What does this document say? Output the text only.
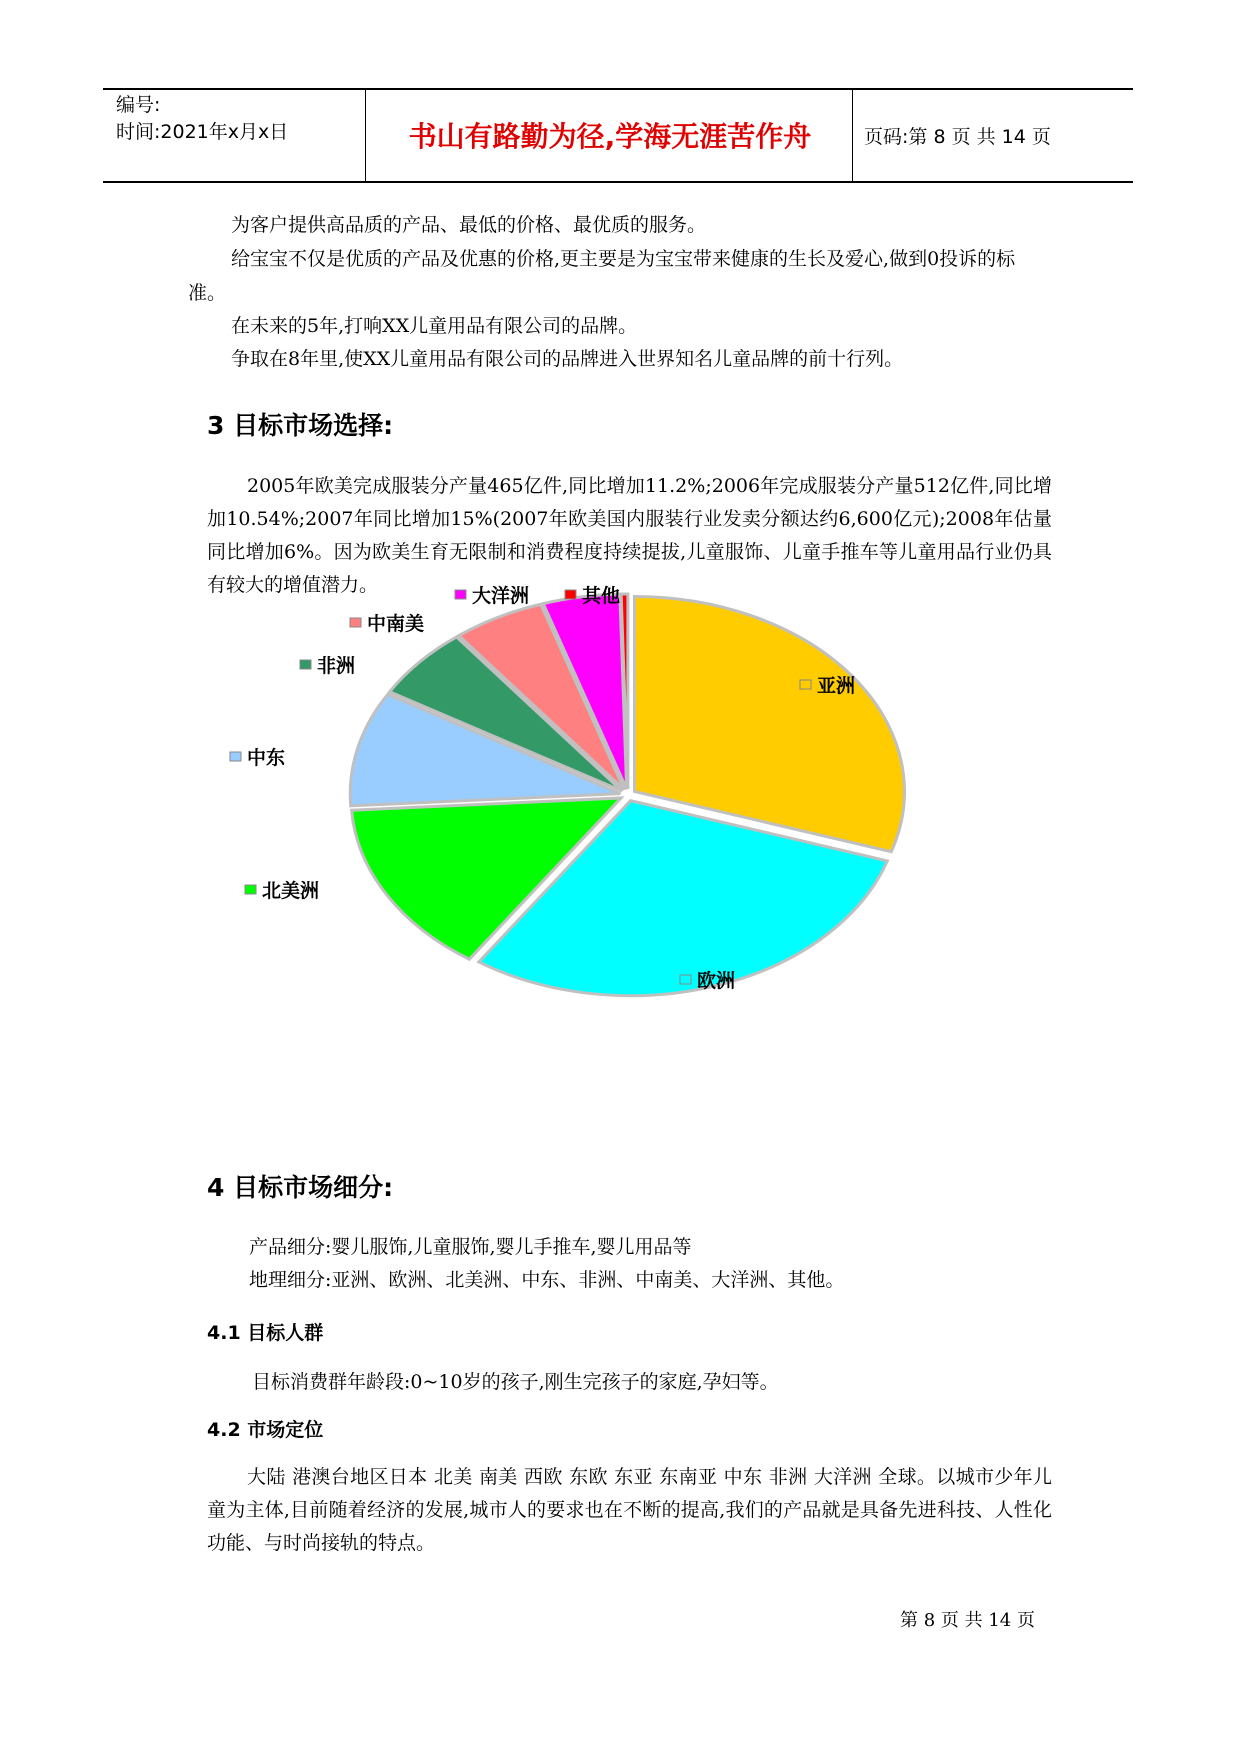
编号:
时间:2021年x月x日	书山有路勤为径,学海无涯苦作舟	页码:第 8 页 共 14 页
为客户提供高品质的产品、最低的价格、最优质的服务。
给宝宝不仅是优质的产品及优惠的价格,更主要是为宝宝带来健康的生长及爱心,做到0投诉的标准。
在未来的5年,打响XX儿童用品有限公司的品牌。
争取在8年里,使XX儿童用品有限公司的品牌进入世界知名儿童品牌的前十行列。
3 目标市场选择:
2005年欧美完成服装分产量465亿件,同比增加11.2%;2006年完成服装分产量512亿件,同比增加10.54%;2007年同比增加15%(2007年欧美国内服装行业发卖分额达约6,600亿元);2008年估量同比增加6%。因为欧美生育无限制和消费程度持续提拔,儿童服饰、儿童手推车等儿童用品行业仍具有较大的增值潜力。
亚洲
欧洲
北美洲
中东
非洲
中南美
大洋洲	其他
4 目标市场细分:
产品细分:婴儿服饰,儿童服饰,婴儿手推车,婴儿用品等
地理细分:亚洲、欧洲、北美洲、中东、非洲、中南美、大洋洲、其他。
4.1 目标人群
目标消费群年龄段:0~10岁的孩子,刚生完孩子的家庭,孕妇等。
4.2 市场定位
大陆 港澳台地区日本 北美 南美 西欧 东欧 东亚 东南亚 中东 非洲 大洋洲 全球。以城市少年儿童为主体,目前随着经济的发展,城市人的要求也在不断的提高,我们的产品就是具备先进科技、人性化功能、与时尚接轨的特点。
第 8 页 共 14 页
